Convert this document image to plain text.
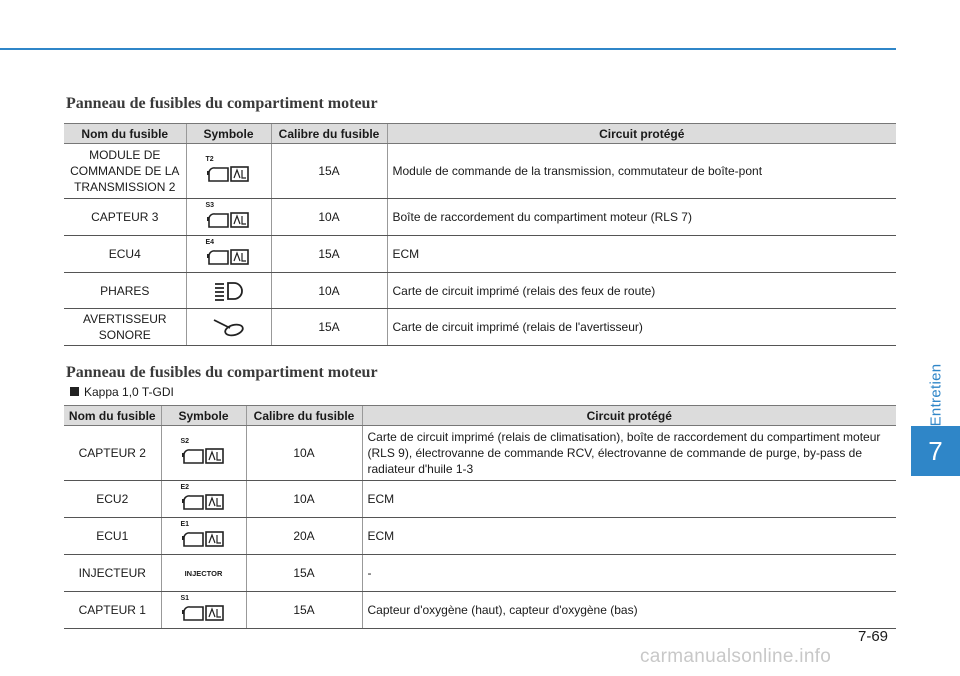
Panneau de fusibles du compartiment moteur
Nom du fusible	Symbole	Calibre du fusible	Circuit protégé
MODULE DE COMMANDE DE LA TRANSMISSION 2	T2	15A	Module de commande de la transmission, commutateur de boîte-pont
CAPTEUR 3	S3	10A	Boîte de raccordement du compartiment moteur (RLS 7)
ECU4	E4	15A	ECM
PHARES		10A	Carte de circuit imprimé (relais des feux de route)
AVERTISSEUR SONORE		15A	Carte de circuit imprimé (relais de l'avertisseur)
Panneau de fusibles du compartiment moteur
Kappa 1,0 T-GDI
Nom du fusible	Symbole	Calibre du fusible	Circuit protégé
CAPTEUR 2	S2	10A	Carte de circuit imprimé (relais de climatisation), boîte de raccordement du compartiment moteur (RLS 9), électrovanne de commande RCV, électrovanne de commande de purge, by-pass de radiateur d'huile 1-3
ECU2	E2	10A	ECM
ECU1	E1	20A	ECM
INJECTEUR	INJECTOR	15A	-
CAPTEUR 1	S1	15A	Capteur d'oxygène (haut), capteur d'oxygène (bas)
Entretien
7
7-69
carmanualsonline.info
